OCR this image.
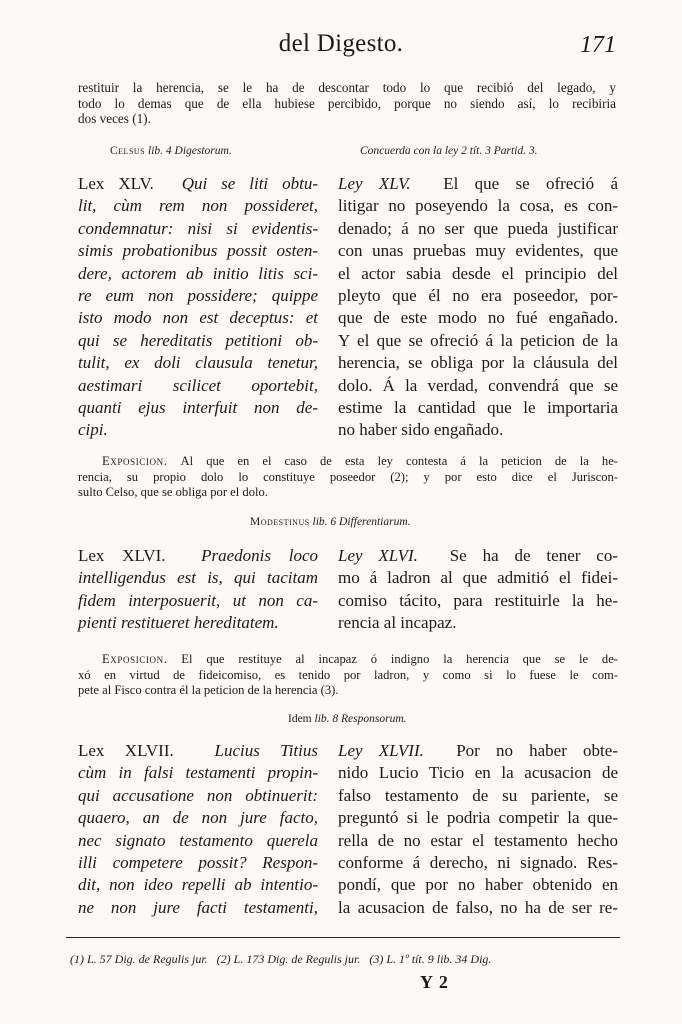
del Digesto.	171

restituir la herencia, se le ha de descontar todo lo que recibió del legado, y

todo lo demas que de ella hubiese percibido, porque no siendo así, lo recibiria

dos veces (1).

Celsus lib. 4 Digestorum.	Concuerda con la ley 2 tít. 3 Partid. 3.
Lex XLV. Qui se liti obtu-
lit, cùm rem non possideret,
condemnatur: nisi si evidentis-
simis probationibus possit osten-
dere, actorem ab initio litis sci-
re eum non possidere; quippe
isto modo non est deceptus: et
qui se hereditatis petitioni ob-
tulit, ex doli clausula tenetur,
aestimari scilicet oportebit,
quanti ejus interfuit non de-
cipi.
Ley XLV. El que se ofreció á
litigar no poseyendo la cosa, es con-
denado; á no ser que pueda justificar
con unas pruebas muy evidentes, que
el actor sabia desde el principio del
pleyto que él no era poseedor, por-
que de este modo no fué engañado.
Y el que se ofreció á la peticion de la
herencia, se obliga por la cláusula del
dolo. Á la verdad, convendrá que se
estime la cantidad que le importaria
no haber sido engañado.
Exposicion. Al que en el caso de esta ley contesta á la peticion de la he-
rencia, su propio dolo lo constituye poseedor (2); y por esto dice el Juriscon-
sulto Celso, que se obliga por el dolo.
Modestinus lib. 6 Differentiarum.
Lex XLVI. Praedonis loco
intelligendus est is, qui tacitam
fidem interposuerit, ut non ca-
pienti restitueret hereditatem.
Ley XLVI. Se ha de tener co-
mo á ladron al que admitió el fidei-
comiso tácito, para restituirle la he-
rencia al incapaz.
Exposicion. El que restituye al incapaz ó indigno la herencia que se le de-
xó en virtud de fideicomiso, es tenido por ladron, y como si lo fuese le com-
pete al Fisco contra él la peticion de la herencia (3).
Idem lib. 8 Responsorum.
Lex XLVII. Lucius Titius
cùm in falsi testamenti propin-
qui accusatione non obtinuerit:
quaero, an de non jure facto,
nec signato testamento querela
illi competere possit? Respon-
dit, non ideo repelli ab intentio-
ne non jure facti testamenti,
Ley XLVII. Por no haber obte-
nido Lucio Ticio en la acusacion de
falso testamento de su pariente, se
preguntó si le podria competir la que-
rella de no estar el testamento hecho
conforme á derecho, ni signado. Res-
pondí, que por no haber obtenido en
la acusacion de falso, no ha de ser re-
(1) L. 57 Dig. de Regulis jur. (2) L. 173 Dig. de Regulis jur. (3) L. 1º tít. 9 lib. 34 Dig.
Y 2
